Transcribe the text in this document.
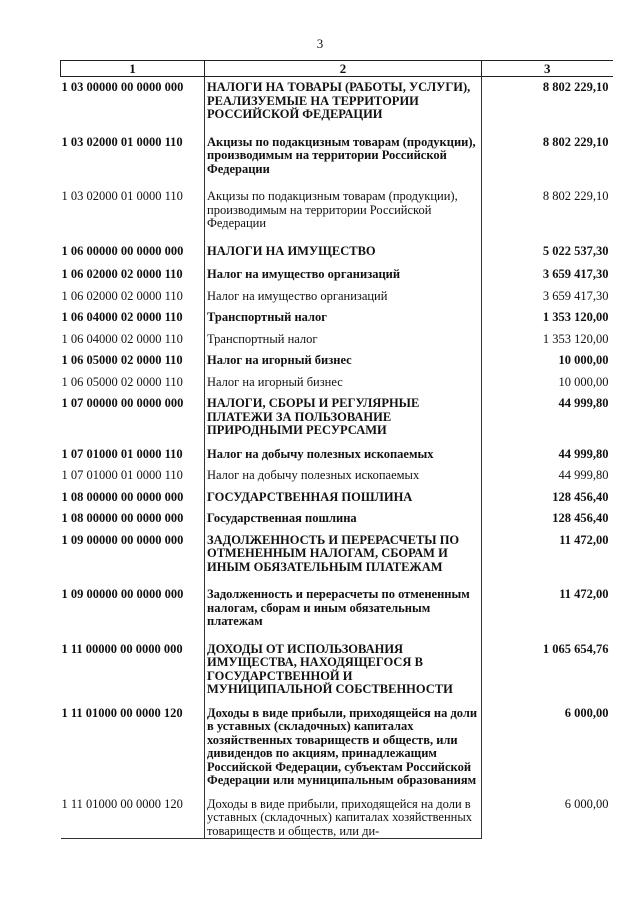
3
1	2	3
1 03 00000 00 0000 000	НАЛОГИ НА ТОВАРЫ (РАБОТЫ, УСЛУГИ), РЕАЛИЗУЕМЫЕ НА ТЕРРИТОРИИ РОССИЙСКОЙ ФЕДЕРАЦИИ	8 802 229,10
1 03 02000 01 0000 110	Акцизы по подакцизным товарам (продукции), производимым на территории Российской Федерации	8 802 229,10
1 03 02000 01 0000 110	Акцизы по подакцизным товарам (продукции), производимым на территории Российской Федерации	8 802 229,10
1 06 00000 00 0000 000	НАЛОГИ НА ИМУЩЕСТВО	5 022 537,30
1 06 02000 02 0000 110	Налог на имущество организаций	3 659 417,30
1 06 02000 02 0000 110	Налог на имущество организаций	3 659 417,30
1 06 04000 02 0000 110	Транспортный налог	1 353 120,00
1 06 04000 02 0000 110	Транспортный налог	1 353 120,00
1 06 05000 02 0000 110	Налог на игорный бизнес	10 000,00
1 06 05000 02 0000 110	Налог на игорный бизнес	10 000,00
1 07 00000 00 0000 000	НАЛОГИ, СБОРЫ И РЕГУЛЯРНЫЕ ПЛАТЕЖИ ЗА ПОЛЬЗОВАНИЕ ПРИРОДНЫМИ РЕСУРСАМИ	44 999,80
1 07 01000 01 0000 110	Налог на добычу полезных ископаемых	44 999,80
1 07 01000 01 0000 110	Налог на добычу полезных ископаемых	44 999,80
1 08 00000 00 0000 000	ГОСУДАРСТВЕННАЯ ПОШЛИНА	128 456,40
1 08 00000 00 0000 000	Государственная пошлина	128 456,40
1 09 00000 00 0000 000	ЗАДОЛЖЕННОСТЬ И ПЕРЕРАСЧЕТЫ ПО ОТМЕНЕННЫМ НАЛОГАМ, СБОРАМ И ИНЫМ ОБЯЗАТЕЛЬНЫМ ПЛАТЕЖАМ	11 472,00
1 09 00000 00 0000 000	Задолженность и перерасчеты по отмененным налогам, сборам и иным обязательным платежам	11 472,00
1 11 00000 00 0000 000	ДОХОДЫ ОТ ИСПОЛЬЗОВАНИЯ ИМУЩЕСТВА, НАХОДЯЩЕГОСЯ В ГОСУДАРСТВЕННОЙ И МУНИЦИПАЛЬНОЙ СОБСТВЕННОСТИ	1 065 654,76
1 11 01000 00 0000 120	Доходы в виде прибыли, приходящейся на доли в уставных (складочных) капиталах хозяйственных товариществ и обществ, или дивидендов по акциям, принадлежащим Российской Федерации, субъектам Российской Федерации или муниципальным образованиям	6 000,00
1 11 01000 00 0000 120	Доходы в виде прибыли, приходящейся на доли в уставных (складочных) капиталах хозяйственных товариществ и обществ, или ди-	6 000,00
